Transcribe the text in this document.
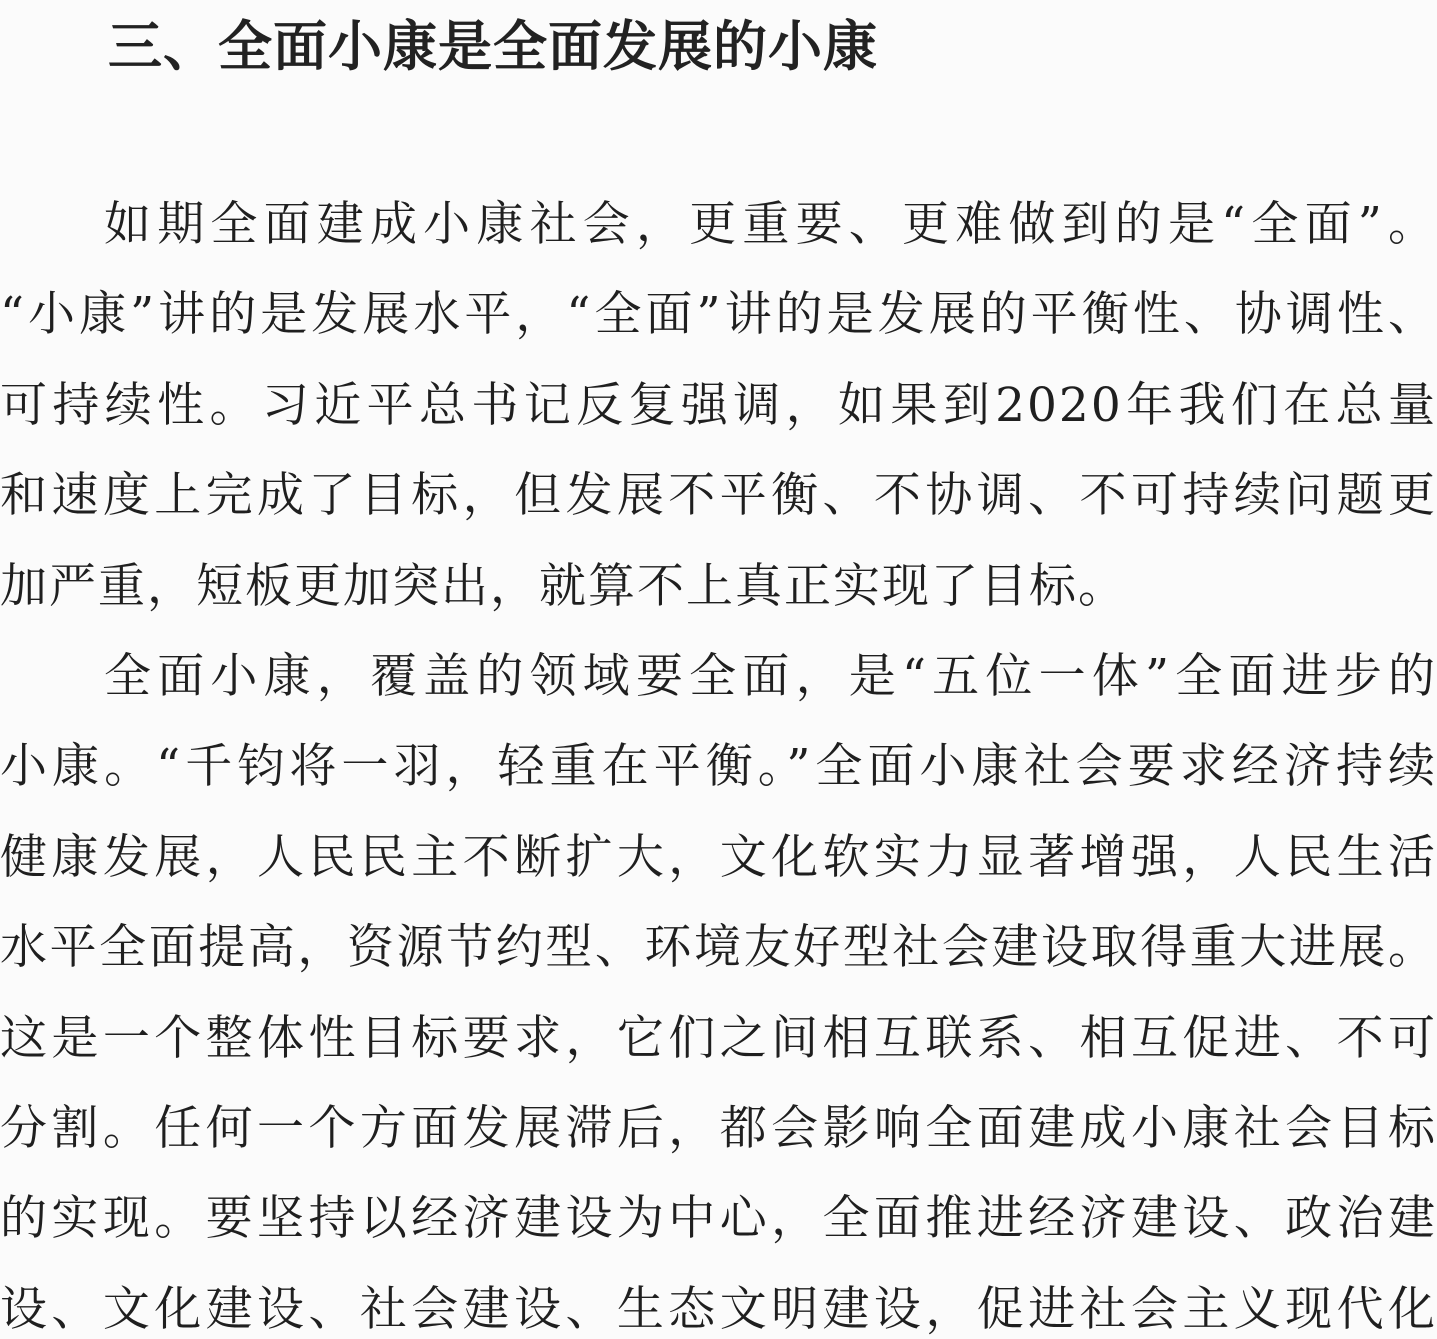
三、全面小康是全面发展的小康
如期全面建成小康社会，更重要、更难做到的是“全面”。
“小康”讲的是发展水平，“全面”讲的是发展的平衡性、协调性、
可持续性。习近平总书记反复强调，如果到2020年我们在总量
和速度上完成了目标，但发展不平衡、不协调、不可持续问题更
加严重，短板更加突出，就算不上真正实现了目标。
全面小康，覆盖的领域要全面，是“五位一体”全面进步的
小康。“千钧将一羽，轻重在平衡。”全面小康社会要求经济持续
健康发展，人民民主不断扩大，文化软实力显著增强，人民生活
水平全面提高，资源节约型、环境友好型社会建设取得重大进展。
这是一个整体性目标要求，它们之间相互联系、相互促进、不可
分割。任何一个方面发展滞后，都会影响全面建成小康社会目标
的实现。要坚持以经济建设为中心，全面推进经济建设、政治建
设、文化建设、社会建设、生态文明建设，促进社会主义现代化
